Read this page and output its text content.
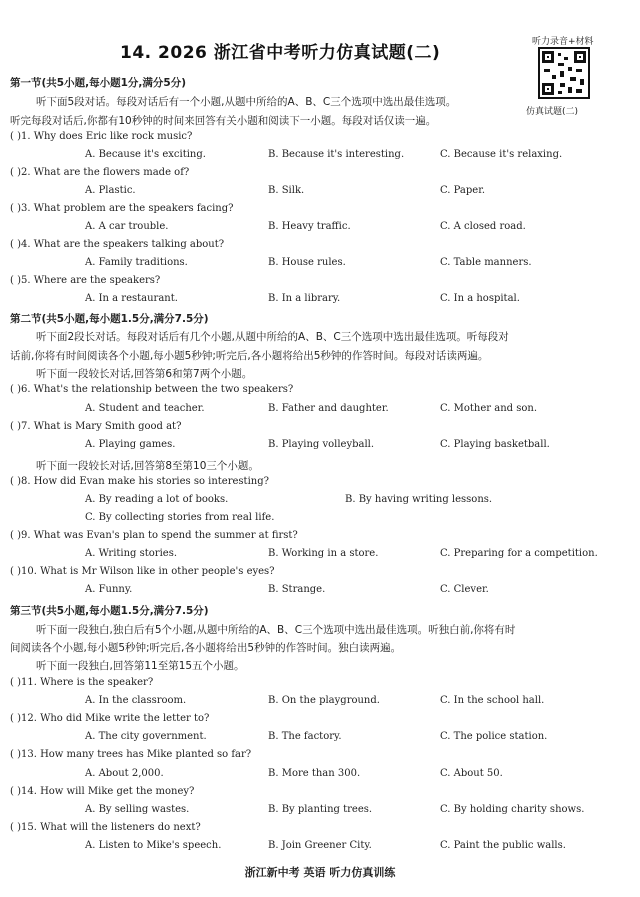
14. 2026 浙江省中考听力仿真试题(二)
听力录音+材料
仿真试题(二)
第一节(共5小题,每小题1分,满分5分)
听下面5段对话。每段对话后有一个小题,从题中所给的A、B、C三个选项中选出最佳选项。
听完每段对话后,你都有10秒钟的时间来回答有关小题和阅读下一小题。每段对话仅读一遍。
( )1. Why does Eric like rock music?
A. Because it's exciting.	B. Because it's interesting.	C. Because it's relaxing.
( )2. What are the flowers made of?
A. Plastic.	B. Silk.	C. Paper.
( )3. What problem are the speakers facing?
A. A car trouble.	B. Heavy traffic.	C. A closed road.
( )4. What are the speakers talking about?
A. Family traditions.	B. House rules.	C. Table manners.
( )5. Where are the speakers?
A. In a restaurant.	B. In a library.	C. In a hospital.
第二节(共5小题,每小题1.5分,满分7.5分)
听下面2段长对话。每段对话后有几个小题,从题中所给的A、B、C三个选项中选出最佳选项。听每段对
话前,你将有时间阅读各个小题,每小题5秒钟;听完后,各小题将给出5秒钟的作答时间。每段对话读两遍。
听下面一段较长对话,回答第6和第7两个小题。
( )6. What's the relationship between the two speakers?
A. Student and teacher.	B. Father and daughter.	C. Mother and son.
( )7. What is Mary Smith good at?
A. Playing games.	B. Playing volleyball.	C. Playing basketball.
听下面一段较长对话,回答第8至第10三个小题。
( )8. How did Evan make his stories so interesting?
A. By reading a lot of books.	B. By having writing lessons.
C. By collecting stories from real life.
( )9. What was Evan's plan to spend the summer at first?
A. Writing stories.	B. Working in a store.	C. Preparing for a competition.
( )10. What is Mr Wilson like in other people's eyes?
A. Funny.	B. Strange.	C. Clever.
第三节(共5小题,每小题1.5分,满分7.5分)
听下面一段独白,独白后有5个小题,从题中所给的A、B、C三个选项中选出最佳选项。听独白前,你将有时
间阅读各个小题,每小题5秒钟;听完后,各小题将给出5秒钟的作答时间。独白读两遍。
听下面一段独白,回答第11至第15五个小题。
( )11. Where is the speaker?
A. In the classroom.	B. On the playground.	C. In the school hall.
( )12. Who did Mike write the letter to?
A. The city government.	B. The factory.	C. The police station.
( )13. How many trees has Mike planted so far?
A. About 2,000.	B. More than 300.	C. About 50.
( )14. How will Mike get the money?
A. By selling wastes.	B. By planting trees.	C. By holding charity shows.
( )15. What will the listeners do next?
A. Listen to Mike's speech.	B. Join Greener City.	C. Paint the public walls.
浙江新中考 英语 听力仿真训练
